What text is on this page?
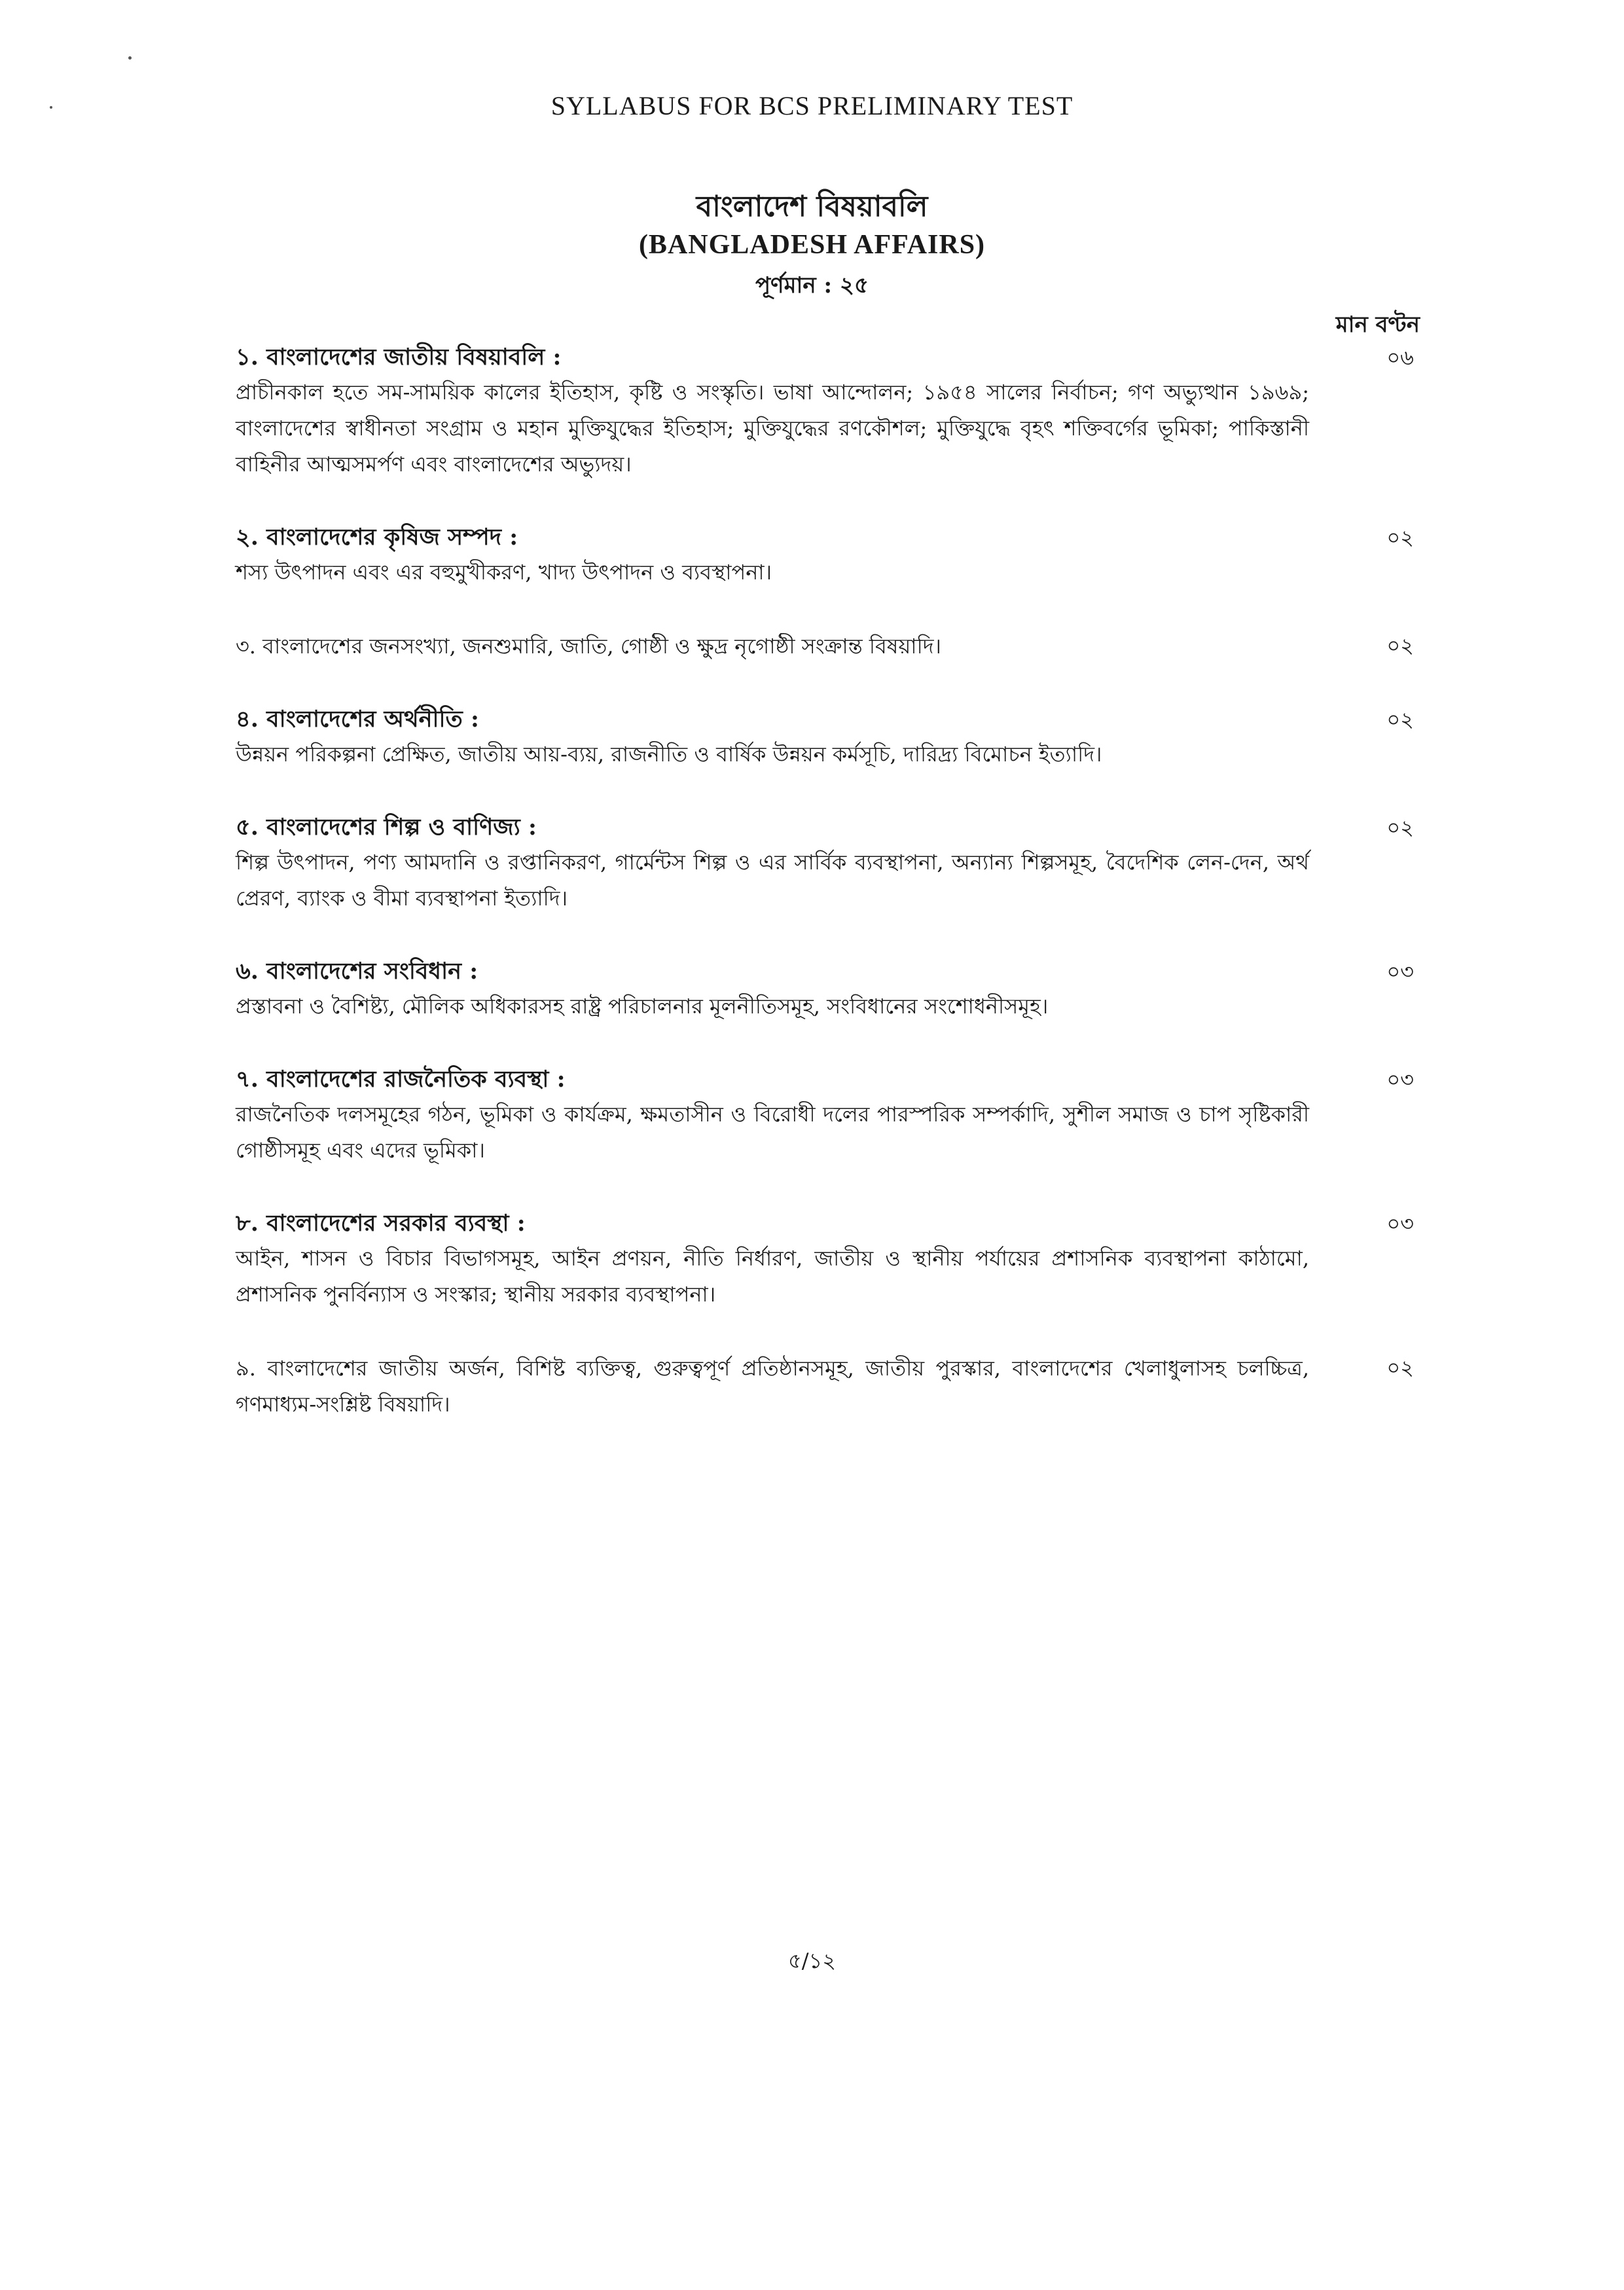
SYLLABUS FOR BCS PRELIMINARY TEST
বাংলাদেশ বিষয়াবলি
(BANGLADESH AFFAIRS)
পূর্ণমান : ২৫
মান বণ্টন
১. বাংলাদেশের জাতীয় বিষয়াবলি :
প্রাচীনকাল হতে সম-সাময়িক কালের ইতিহাস, কৃষ্টি ও সংস্কৃতি। ভাষা আন্দোলন; ১৯৫৪ সালের নির্বাচন; গণ অভ্যুত্থান ১৯৬৯; বাংলাদেশের স্বাধীনতা সংগ্রাম ও মহান মুক্তিযুদ্ধের ইতিহাস; মুক্তিযুদ্ধের রণকৌশল; মুক্তিযুদ্ধে বৃহৎ শক্তিবর্গের ভূমিকা; পাকিস্তানী বাহিনীর আত্মসমর্পণ এবং বাংলাদেশের অভ্যুদয়।
০৬
২. বাংলাদেশের কৃষিজ সম্পদ :
শস্য উৎপাদন এবং এর বহুমুখীকরণ, খাদ্য উৎপাদন ও ব্যবস্থাপনা।
০২
৩. বাংলাদেশের জনসংখ্যা, জনশুমারি, জাতি, গোষ্ঠী ও ক্ষুদ্র নৃগোষ্ঠী সংক্রান্ত বিষয়াদি।	০২
৪. বাংলাদেশের অর্থনীতি :
উন্নয়ন পরিকল্পনা প্রেক্ষিত, জাতীয় আয়-ব্যয়, রাজনীতি ও বার্ষিক উন্নয়ন কর্মসূচি, দারিদ্র্য বিমোচন ইত্যাদি।
০২
৫. বাংলাদেশের শিল্প ও বাণিজ্য :
শিল্প উৎপাদন, পণ্য আমদানি ও রপ্তানিকরণ, গার্মেন্টস শিল্প ও এর সার্বিক ব্যবস্থাপনা, অন্যান্য শিল্পসমূহ, বৈদেশিক লেন-দেন, অর্থ প্রেরণ, ব্যাংক ও বীমা ব্যবস্থাপনা ইত্যাদি।
০২
৬. বাংলাদেশের সংবিধান :
প্রস্তাবনা ও বৈশিষ্ট্য, মৌলিক অধিকারসহ রাষ্ট্র পরিচালনার মূলনীতিসমূহ, সংবিধানের সংশোধনীসমূহ।
০৩
৭. বাংলাদেশের রাজনৈতিক ব্যবস্থা :
রাজনৈতিক দলসমূহের গঠন, ভূমিকা ও কার্যক্রম, ক্ষমতাসীন ও বিরোধী দলের পারস্পরিক সম্পর্কাদি, সুশীল সমাজ ও চাপ সৃষ্টিকারী গোষ্ঠীসমূহ এবং এদের ভূমিকা।
০৩
৮. বাংলাদেশের সরকার ব্যবস্থা :
আইন, শাসন ও বিচার বিভাগসমূহ, আইন প্রণয়ন, নীতি নির্ধারণ, জাতীয় ও স্থানীয় পর্যায়ের প্রশাসনিক ব্যবস্থাপনা কাঠামো, প্রশাসনিক পুনর্বিন্যাস ও সংস্কার; স্থানীয় সরকার ব্যবস্থাপনা।
০৩
৯. বাংলাদেশের জাতীয় অর্জন, বিশিষ্ট ব্যক্তিত্ব, গুরুত্বপূর্ণ প্রতিষ্ঠানসমূহ, জাতীয় পুরস্কার, বাংলাদেশের খেলাধুলাসহ চলচ্চিত্র, গণমাধ্যম-সংশ্লিষ্ট বিষয়াদি।
০২
৫/১২
